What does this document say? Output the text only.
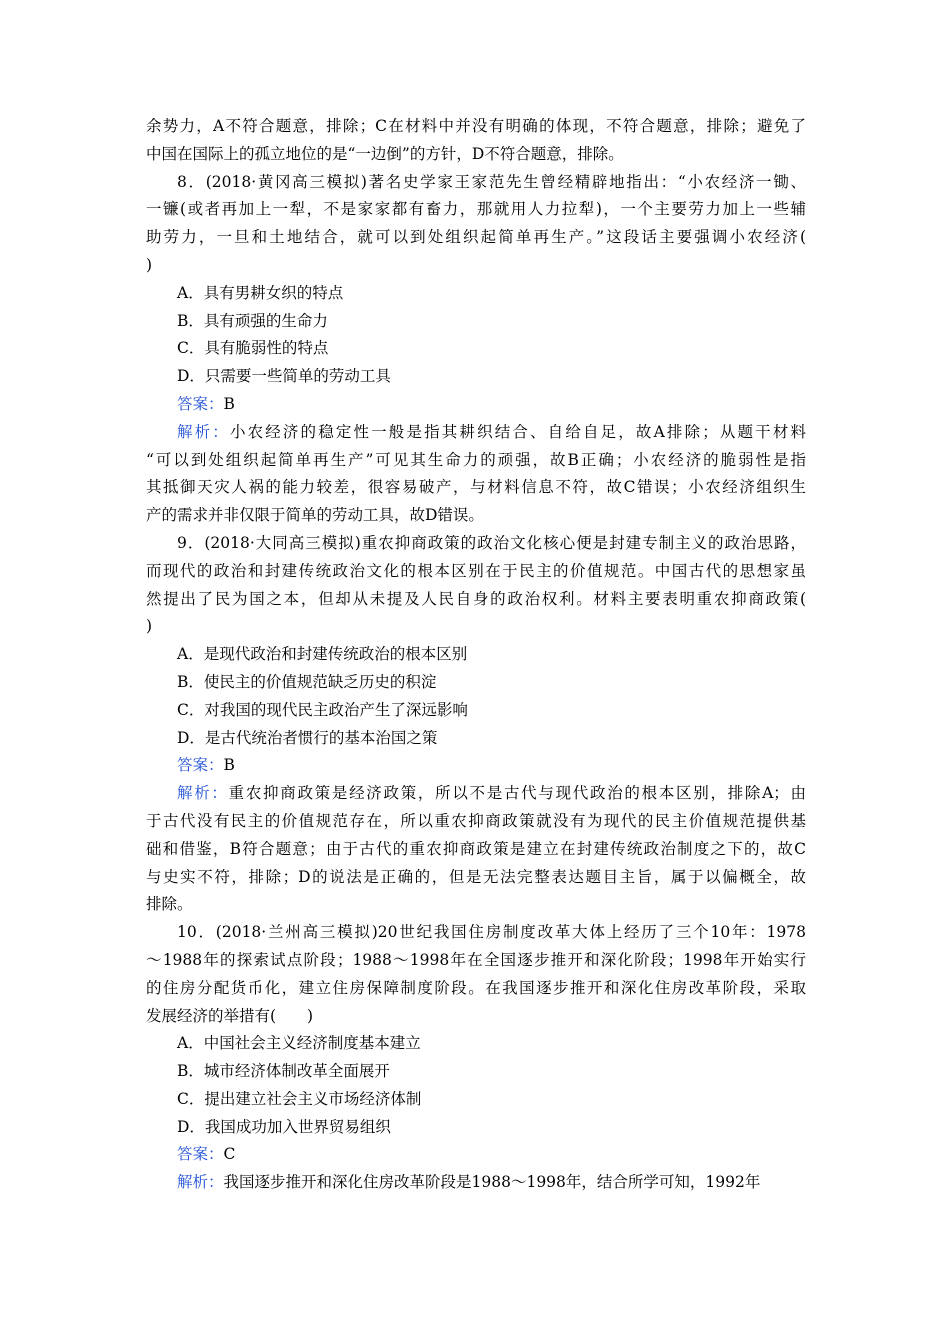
余势力，A不符合题意，排除；C在材料中并没有明确的体现，不符合题意，排除；避免了
中国在国际上的孤立地位的是“一边倒”的方针，D不符合题意，排除。
8．(2018·黄冈高三模拟)著名史学家王家范先生曾经精辟地指出：“小农经济一锄、
一镰(或者再加上一犁，不是家家都有畜力，那就用人力拉犁)，一个主要劳力加上一些辅
助劳力，一旦和土地结合，就可以到处组织起简单再生产。”这段话主要强调小农经济(
)
A．具有男耕女织的特点
B．具有顽强的生命力
C．具有脆弱性的特点
D．只需要一些简单的劳动工具
答案：B
解析：小农经济的稳定性一般是指其耕织结合、自给自足，故A排除；从题干材料
“可以到处组织起简单再生产”可见其生命力的顽强，故B正确；小农经济的脆弱性是指
其抵御天灾人祸的能力较差，很容易破产，与材料信息不符，故C错误；小农经济组织生
产的需求并非仅限于简单的劳动工具，故D错误。
9．(2018·大同高三模拟)重农抑商政策的政治文化核心便是封建专制主义的政治思路，
而现代的政治和封建传统政治文化的根本区别在于民主的价值规范。中国古代的思想家虽
然提出了民为国之本，但却从未提及人民自身的政治权利。材料主要表明重农抑商政策(
)
A．是现代政治和封建传统政治的根本区别
B．使民主的价值规范缺乏历史的积淀
C．对我国的现代民主政治产生了深远影响
D．是古代统治者惯行的基本治国之策
答案：B
解析：重农抑商政策是经济政策，所以不是古代与现代政治的根本区别，排除A；由
于古代没有民主的价值规范存在，所以重农抑商政策就没有为现代的民主价值规范提供基
础和借鉴，B符合题意；由于古代的重农抑商政策是建立在封建传统政治制度之下的，故C
与史实不符，排除；D的说法是正确的，但是无法完整表达题目主旨，属于以偏概全，故
排除。
10．(2018·兰州高三模拟)20世纪我国住房制度改革大体上经历了三个10年：1978
～1988年的探索试点阶段；1988～1998年在全国逐步推开和深化阶段；1998年开始实行
的住房分配货币化，建立住房保障制度阶段。在我国逐步推开和深化住房改革阶段，采取
发展经济的举措有(　　)
A．中国社会主义经济制度基本建立
B．城市经济体制改革全面展开
C．提出建立社会主义市场经济体制
D．我国成功加入世界贸易组织
答案：C
解析：我国逐步推开和深化住房改革阶段是1988～1998年，结合所学可知，1992年
